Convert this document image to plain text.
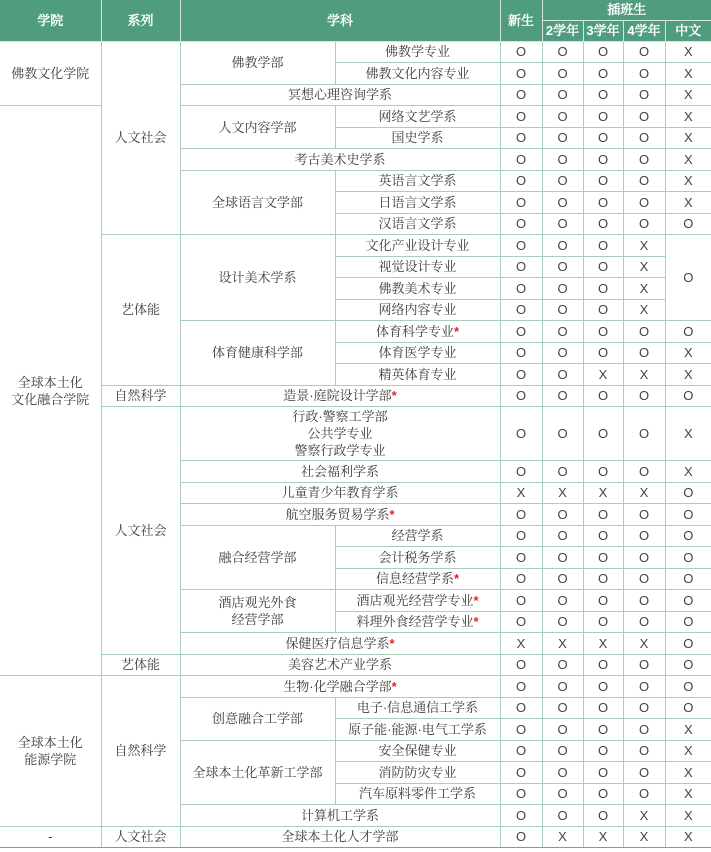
学院	系列	学科		新生	插班生			
					2学年	3学年	4学年	中文

佛教文化学院	人文社会	佛教学部	佛教学专业	O	O	O	O	X
			佛教文化内容专业	O	O	O	O	X
		冥想心理咨询学系		O	O	O	O	X

全球本土化
文化融合学院		人文内容学部	网络文艺学系	O	O	O	O	X
			国史学系	O	O	O	O	X
		考古美术史学系		O	O	O	O	X
		全球语言文学部	英语言文学系	O	O	O	O	X
			日语言文学系	O	O	O	O	X
			汉语言文学系	O	O	O	O	O
	艺体能	设计美术学系	文化产业设计专业	O	O	O	X	O
			视觉设计专业	O	O	O	X	
			佛教美术专业	O	O	O	X	
			网络内容专业	O	O	O	X	
		体育健康科学部	体育科学专业*	O	O	O	O	O
			体育医学专业	O	O	O	O	X
			精英体育专业	O	O	X	X	X
	自然科学	造景·庭院设计学部*		O	O	O	O	O
	人文社会	行政·警察工学部
公共学专业
警察行政学专业		O	O	O	O	X
		社会福利学系		O	O	O	O	X
		儿童青少年教育学系		X	X	X	X	O
		航空服务贸易学系*		O	O	O	O	O
		融合经营学部	经营学系	O	O	O	O	O
			会计税务学系	O	O	O	O	O
			信息经营学系*	O	O	O	O	O

		酒店观光外食
经营学部	酒店观光经营学专业*	O	O	O	O	O
			料理外食经营学专业*	O	O	O	O	O
		保健医疗信息学系*		X	X	X	X	O
	艺体能	美容艺术产业学系		O	O	O	O	O

全球本土化
能源学院	自然科学	生物·化学融合学部*		O	O	O	O	O
		创意融合工学部	电子·信息通信工学系	O	O	O	O	O
			原子能·能源·电气工学系	O	O	O	O	X
		全球本土化革新工学部	安全保健专业	O	O	O	O	X
			消防防灾专业	O	O	O	O	X
			汽车原料零件工学系	O	O	O	O	X
		计算机工学系		O	O	O	X	X

-	人文社会	全球本土化人才学部		O	X	X	X	X
